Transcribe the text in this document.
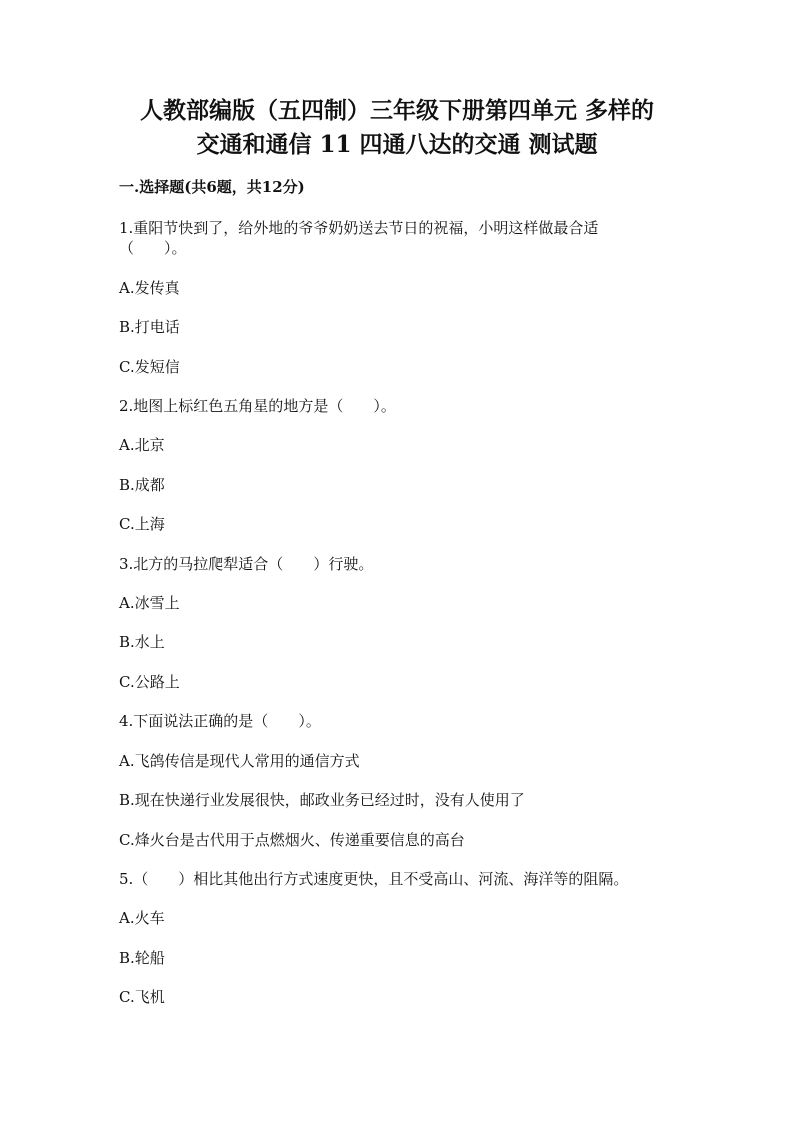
人教部编版（五四制）三年级下册第四单元 多样的
交通和通信 11 四通八达的交通 测试题
一.选择题(共6题，共12分)
1.重阳节快到了，给外地的爷爷奶奶送去节日的祝福，小明这样做最合适
（　　）。
A.发传真
B.打电话
C.发短信
2.地图上标红色五角星的地方是（　　）。
A.北京
B.成都
C.上海
3.北方的马拉爬犁适合（　　）行驶。
A.冰雪上
B.水上
C.公路上
4.下面说法正确的是（　　）。
A.飞鸽传信是现代人常用的通信方式
B.现在快递行业发展很快，邮政业务已经过时，没有人使用了
C.烽火台是古代用于点燃烟火、传递重要信息的高台
5.（　　）相比其他出行方式速度更快，且不受高山、河流、海洋等的阻隔。
A.火车
B.轮船
C.飞机
